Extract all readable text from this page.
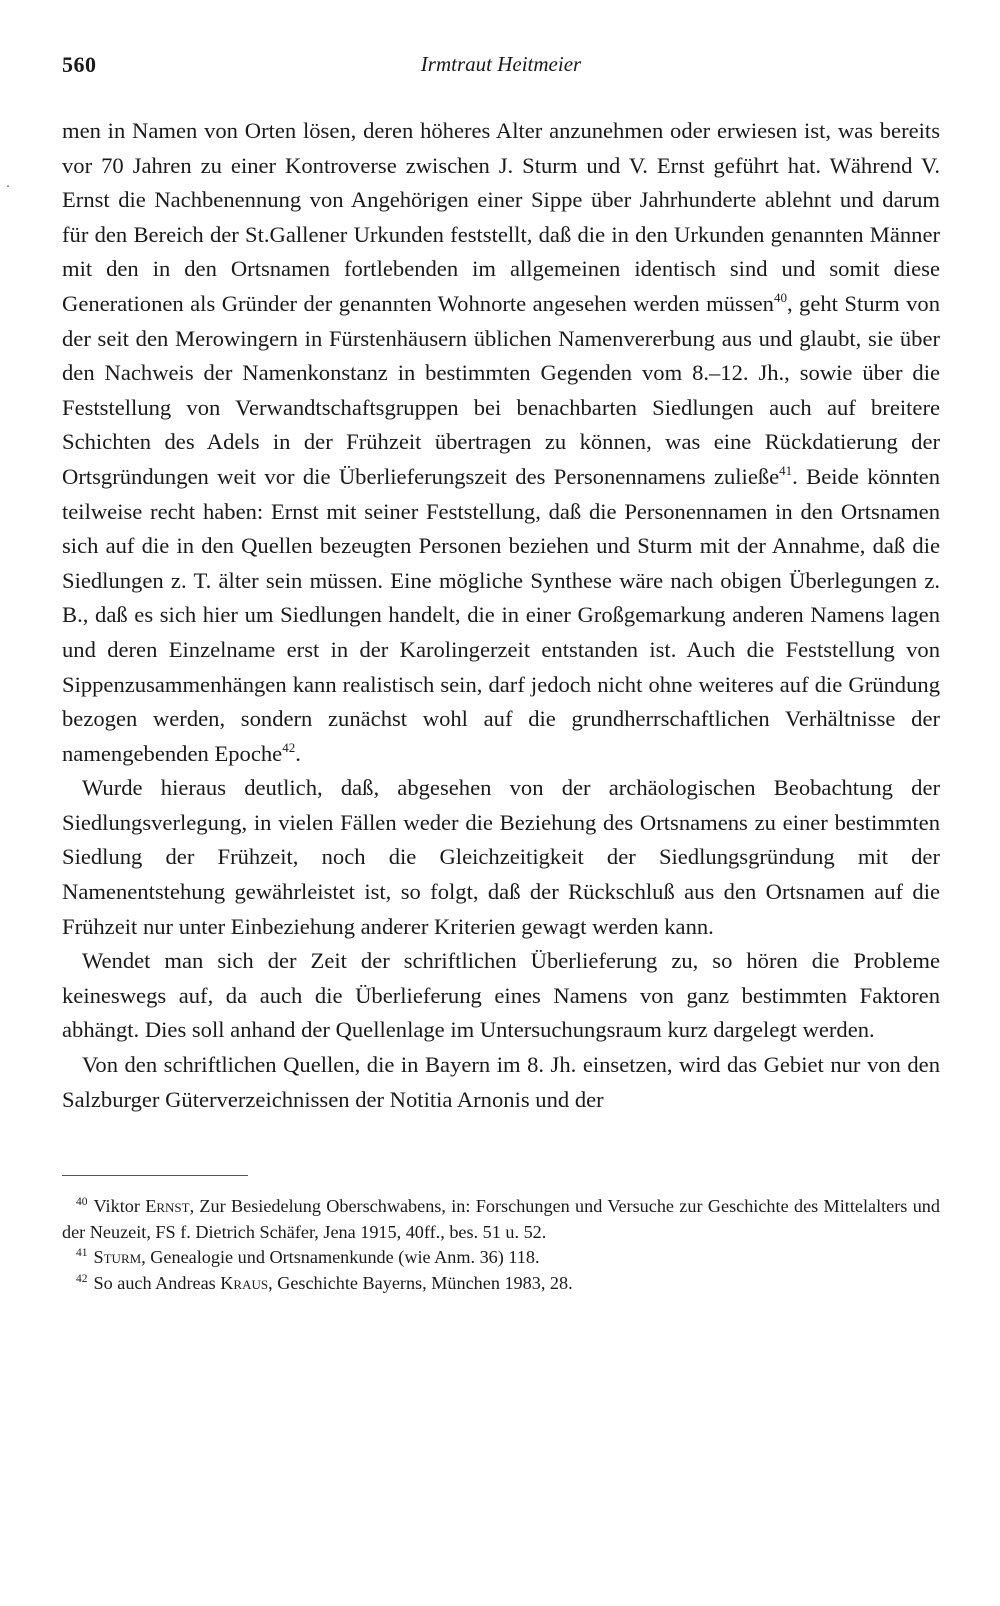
․
560	Irmtraut Heitmeier

men in Namen von Orten lösen, deren höheres Alter anzunehmen oder erwiesen ist, was bereits vor 70 Jahren zu einer Kontroverse zwischen J. Sturm und V. Ernst geführt hat. Während V. Ernst die Nachbenennung von Angehörigen einer Sippe über Jahrhunderte ablehnt und darum für den Bereich der St.Gallener Urkunden feststellt, daß die in den Urkunden genannten Männer mit den in den Ortsnamen fortlebenden im allgemeinen identisch sind und somit diese Generationen als Gründer der genannten Wohnorte angesehen werden müssen$^{40}$, geht Sturm von der seit den Merowingern in Fürstenhäusern üblichen Namenvererbung aus und glaubt, sie über den Nachweis der Namenkonstanz in bestimmten Gegenden vom 8.–12. Jh., sowie über die Feststellung von Verwandtschaftsgruppen bei benachbarten Siedlungen auch auf breitere Schichten des Adels in der Frühzeit übertragen zu können, was eine Rückdatierung der Ortsgründungen weit vor die Überlieferungszeit des Personennamens zuließe$^{41}$. Beide könnten teilweise recht haben: Ernst mit seiner Feststellung, daß die Personennamen in den Ortsnamen sich auf die in den Quellen bezeugten Personen beziehen und Sturm mit der Annahme, daß die Siedlungen z. T. älter sein müssen. Eine mögliche Synthese wäre nach obigen Überlegungen z. B., daß es sich hier um Siedlungen handelt, die in einer Großgemarkung anderen Namens lagen und deren Einzelname erst in der Karolingerzeit entstanden ist. Auch die Feststellung von Sippenzusammenhängen kann realistisch sein, darf jedoch nicht ohne weiteres auf die Gründung bezogen werden, sondern zunächst wohl auf die grundherrschaftlichen Verhältnisse der namengebenden Epoche$^{42}$.

Wurde hieraus deutlich, daß, abgesehen von der archäologischen Beobachtung der Siedlungsverlegung, in vielen Fällen weder die Beziehung des Ortsnamens zu einer bestimmten Siedlung der Frühzeit, noch die Gleichzeitigkeit der Siedlungsgründung mit der Namenentstehung gewährleistet ist, so folgt, daß der Rückschluß aus den Ortsnamen auf die Frühzeit nur unter Einbeziehung anderer Kriterien gewagt werden kann.

Wendet man sich der Zeit der schriftlichen Überlieferung zu, so hören die Probleme keineswegs auf, da auch die Überlieferung eines Namens von ganz bestimmten Faktoren abhängt. Dies soll anhand der Quellenlage im Untersuchungsraum kurz dargelegt werden.

Von den schriftlichen Quellen, die in Bayern im 8. Jh. einsetzen, wird das Gebiet nur von den Salzburger Güterverzeichnissen der Notitia Arnonis und der

$^{40}$ Viktor Ernst, Zur Besiedelung Oberschwabens, in: Forschungen und Versuche zur Geschichte des Mittelalters und der Neuzeit, FS f. Dietrich Schäfer, Jena 1915, 40ff., bes. 51 u. 52.

$^{41}$ Sturm, Genealogie und Ortsnamenkunde (wie Anm. 36) 118.

$^{42}$ So auch Andreas Kraus, Geschichte Bayerns, München 1983, 28.
